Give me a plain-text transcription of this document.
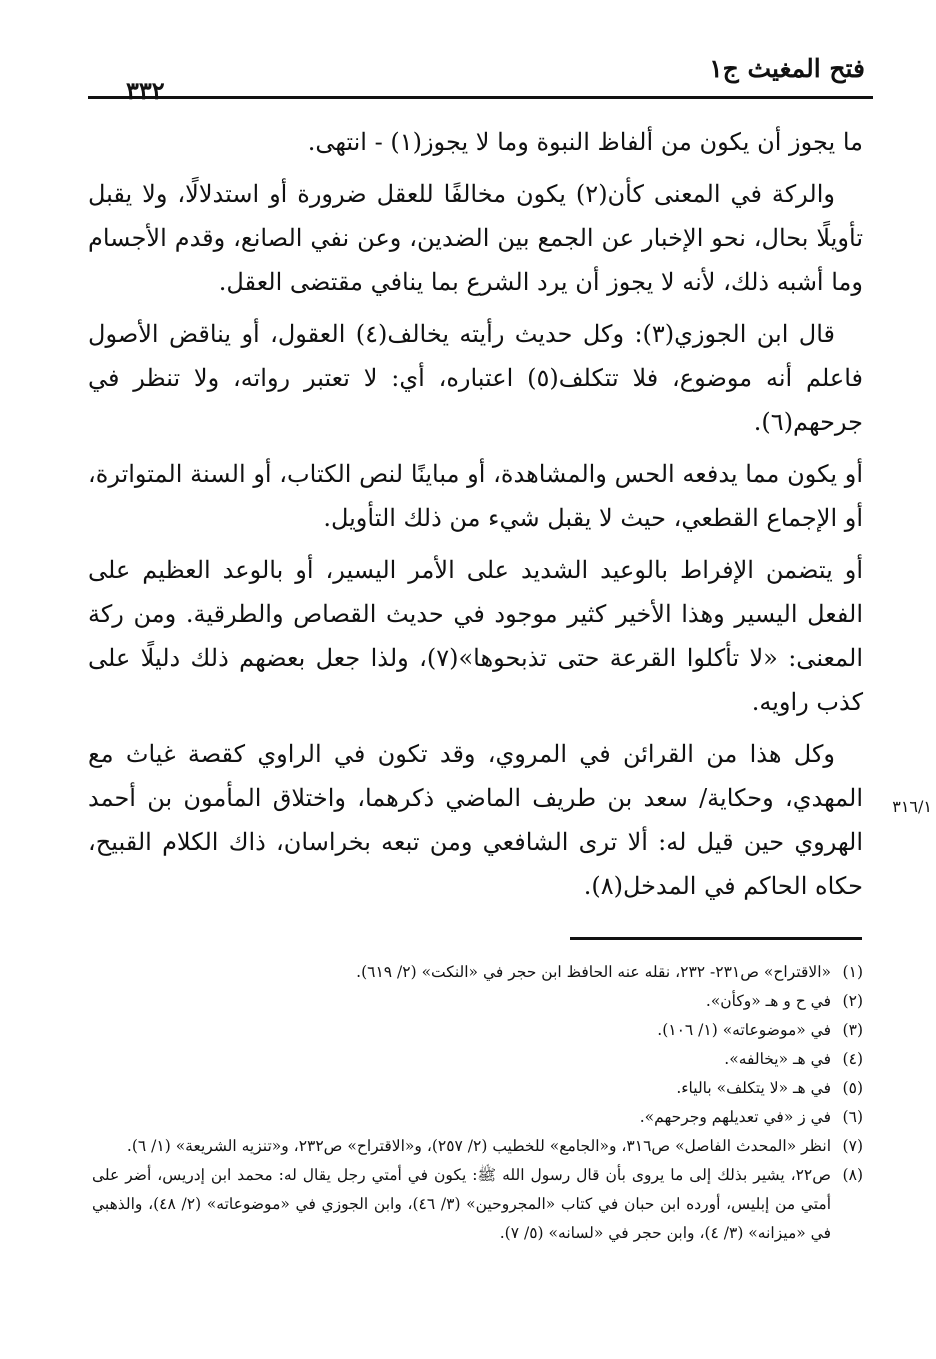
فتح المغيث ج١
٣٣٢
٣١٦/١

ما يجوز أن يكون من ألفاظ النبوة وما لا يجوز(١) - انتهى.

والركة في المعنى كأن(٢) يكون مخالفًا للعقل ضرورة أو استدلالًا، ولا يقبل تأويلًا بحال، نحو الإخبار عن الجمع بين الضدين، وعن نفي الصانع، وقدم الأجسام وما أشبه ذلك، لأنه لا يجوز أن يرد الشرع بما ينافي مقتضى العقل.

قال ابن الجوزي(٣): وكل حديث رأيته يخالف(٤) العقول، أو يناقض الأصول فاعلم أنه موضوع، فلا تتكلف(٥) اعتباره، أي: لا تعتبر رواته، ولا تنظر في جرحهم(٦).

أو يكون مما يدفعه الحس والمشاهدة، أو مباينًا لنص الكتاب، أو السنة المتواترة، أو الإجماع القطعي، حيث لا يقبل شيء من ذلك التأويل.

أو يتضمن الإفراط بالوعيد الشديد على الأمر اليسير، أو بالوعد العظيم على الفعل اليسير وهذا الأخير كثير موجود في حديث القصاص والطرقية. ومن ركة المعنى: «لا تأكلوا القرعة حتى تذبحوها»(٧)، ولذا جعل بعضهم ذلك دليلًا على كذب راويه.

وكل هذا من القرائن في المروي، وقد تكون في الراوي كقصة غياث مع المهدي، وحكاية/ سعد بن طريف الماضي ذكرهما، واختلاق المأمون بن أحمد الهروي حين قيل له: ألا ترى الشافعي ومن تبعه بخراسان، ذاك الكلام القبيح، حكاه الحاكم في المدخل(٨).

(١)
«الاقتراح» ص٢٣١- ٢٣٢، نقله عنه الحافظ ابن حجر في «النكت» (٢/ ٦١٩).
(٢)
في ح و هـ «وكأن».
(٣)
في «موضوعاته» (١/ ١٠٦).
(٤)
في هـ «يخالفه».
(٥)
في هـ «لا يتكلف» بالياء.
(٦)
في ز «في تعديلهم وجرحهم».
(٧)
انظر «المحدث الفاصل» ص٣١٦، و«الجامع» للخطيب (٢/ ٢٥٧)، و«الاقتراح» ص٢٣٢، و«تنزيه الشريعة» (١/ ٦).
(٨)
ص٢٢، يشير بذلك إلى ما يروى بأن قال رسول الله ﷺ: يكون في أمتي رجل يقال له: محمد ابن إدريس، أضر على أمتي من إبليس، أورده ابن حبان في كتاب «المجروحين» (٣/ ٤٦)، وابن الجوزي في «موضوعاته» (٢/ ٤٨)، والذهبي في «ميزانه» (٣/ ٤)، وابن حجر في «لسانه» (٥/ ٧).
